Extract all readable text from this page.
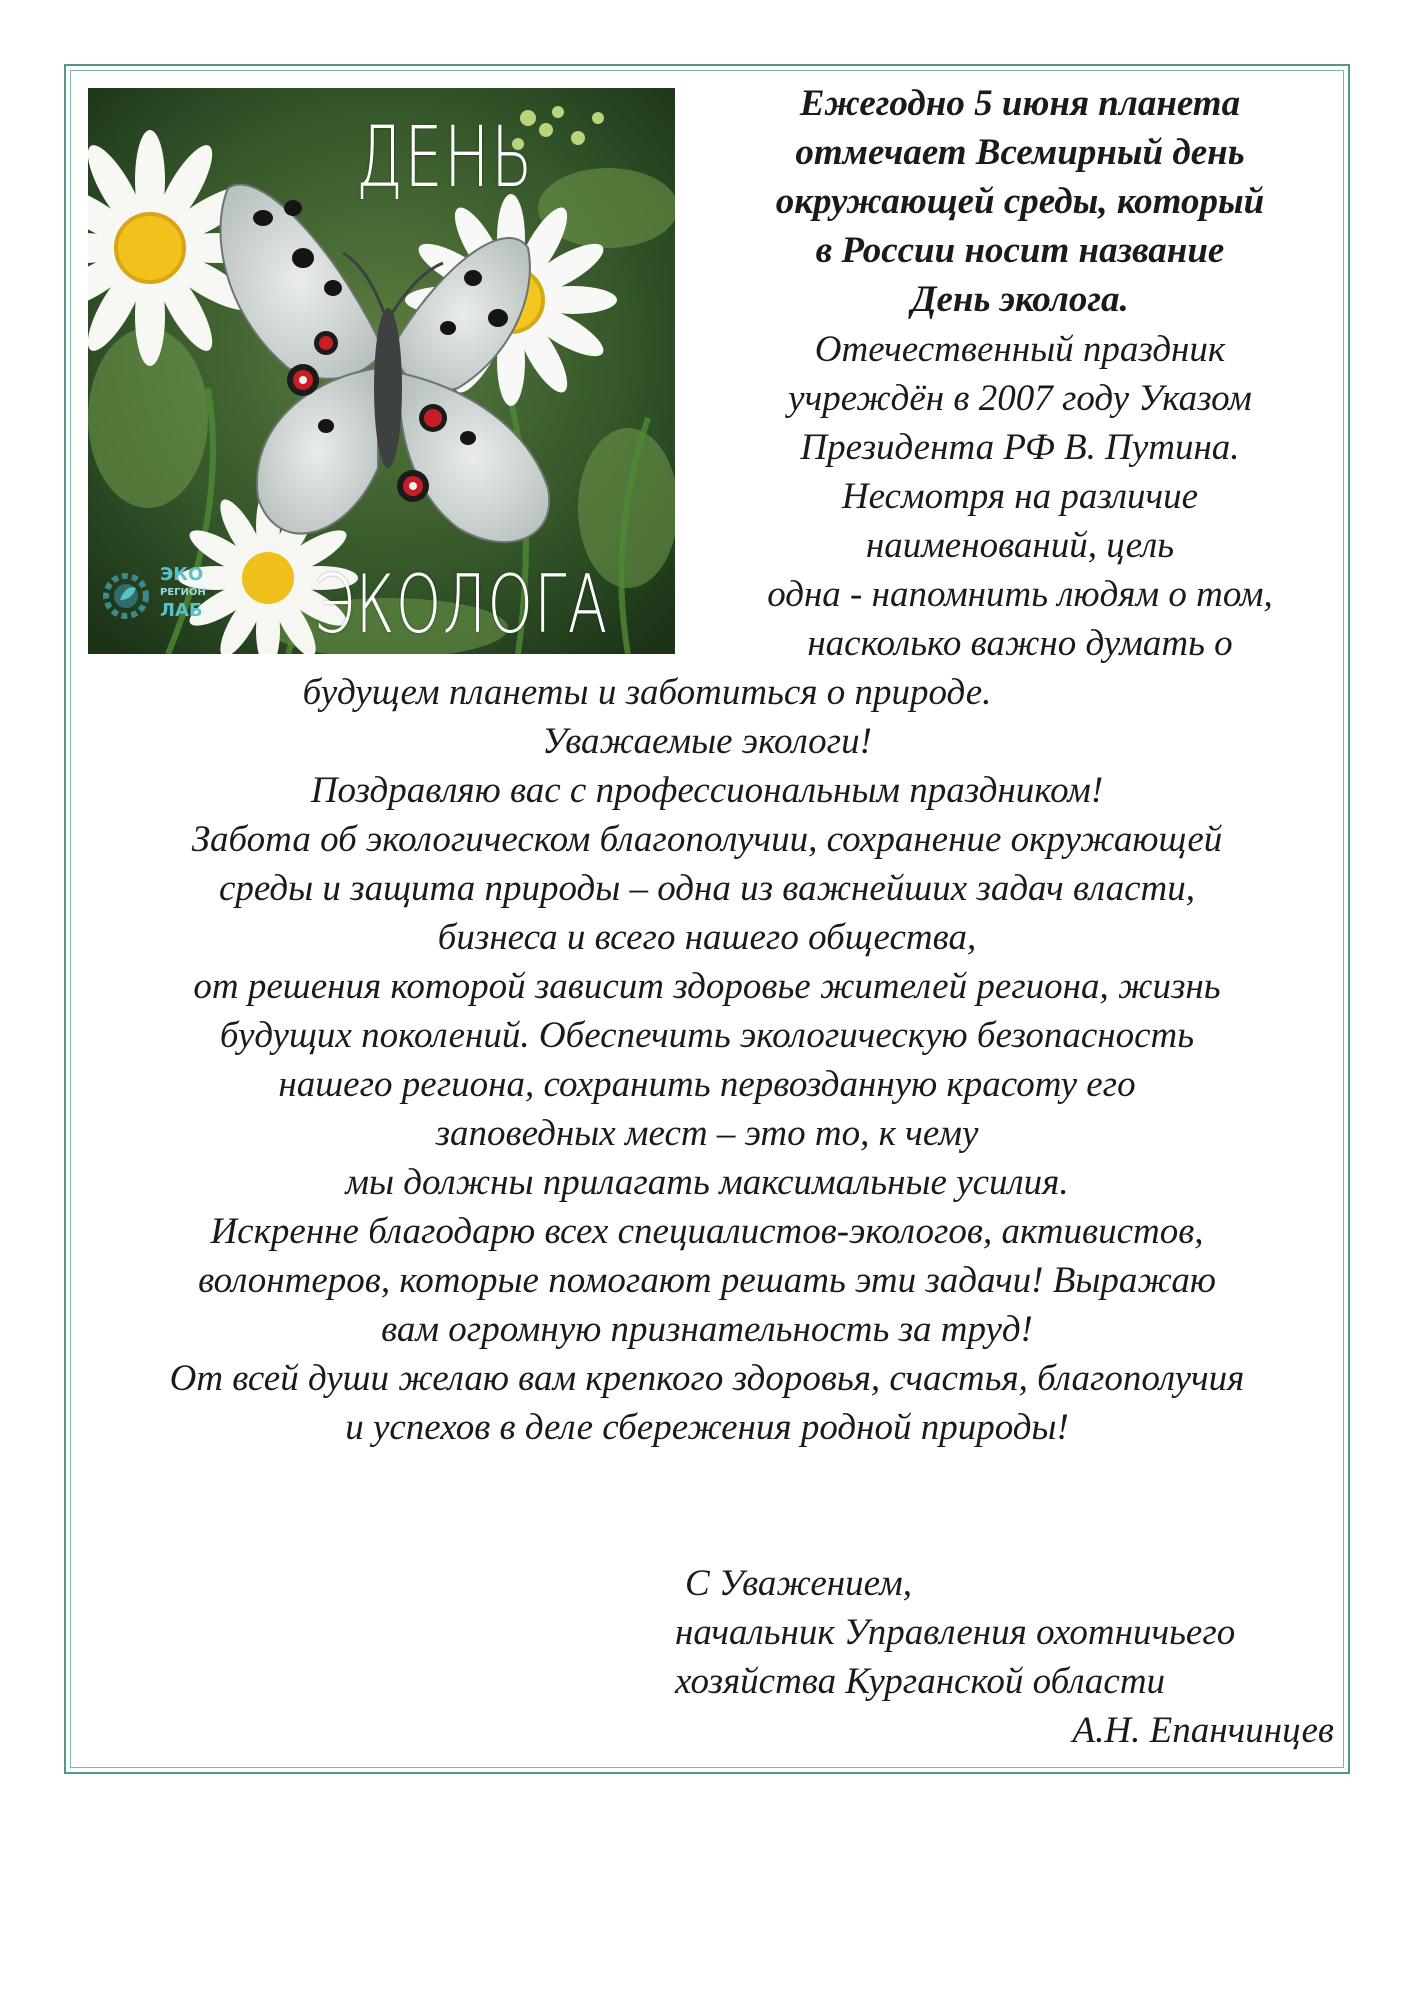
ДЕНЬ
ЭКОЛОГА
ЭКО
РЕГИОН
ЛАБ
Ежегодно 5 июня планета
отмечает Всемирный день
окружающей среды, который
в России носит название
День эколога.
Отечественный праздник
учреждён в 2007 году Указом
Президента РФ В. Путина.
Несмотря на различие
наименований, цель
одна - напомнить людям о том,
насколько важно думать о
будущем планеты и заботиться о природе.
Уважаемые экологи!
Поздравляю вас с профессиональным праздником!
Забота об экологическом благополучии, сохранение окружающей
среды и защита природы – одна из важнейших задач власти,
бизнеса и всего нашего общества,
от решения которой зависит здоровье жителей региона, жизнь
будущих поколений. Обеспечить экологическую безопасность
нашего региона, сохранить первозданную красоту его
заповедных мест – это то, к чему
мы должны прилагать максимальные усилия.
Искренне благодарю всех специалистов-экологов, активистов,
волонтеров, которые помогают решать эти задачи! Выражаю
вам огромную признательность за труд!
От всей души желаю вам крепкого здоровья, счастья, благополучия
и успехов в деле сбережения родной природы!
С Уважением,
начальник Управления охотничьего
хозяйства Курганской области
А.Н. Епанчинцев
